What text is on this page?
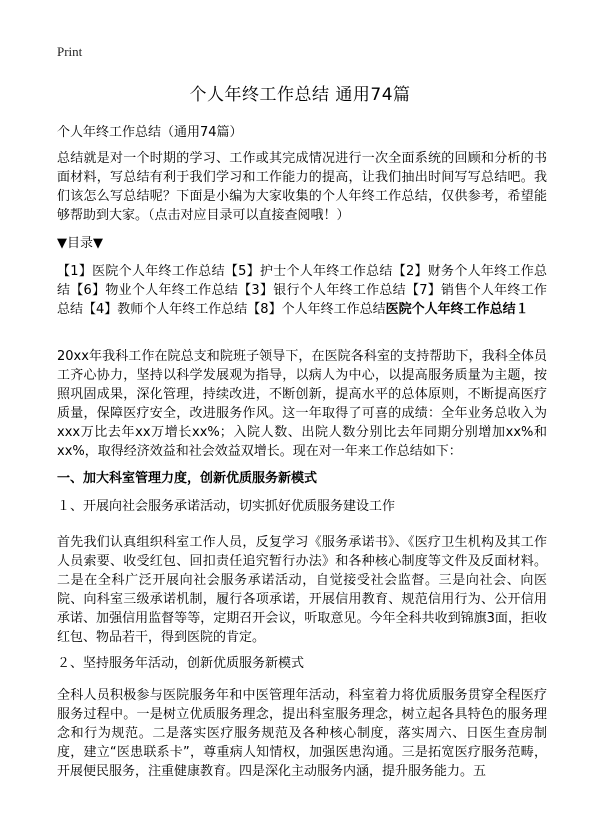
Print
个人年终工作总结 通用74篇
个人年终工作总结（通用74篇）
总结就是对一个时期的学习、工作或其完成情况进行一次全面系统的回顾和分析的书面材料，写总结有利于我们学习和工作能力的提高，让我们抽出时间写写总结吧。我们该怎么写总结呢？下面是小编为大家收集的个人年终工作总结，仅供参考，希望能够帮助到大家。（点击对应目录可以直接查阅哦！）
▼目录▼
【1】医院个人年终工作总结【5】护士个人年终工作总结【2】财务个人年终工作总结【6】物业个人年终工作总结【3】银行个人年终工作总结【7】销售个人年终工作总结【4】教师个人年终工作总结【8】个人年终工作总结医院个人年终工作总结１
20xx年我科工作在院总支和院班子领导下，在医院各科室的支持帮助下，我科全体员工齐心协力，坚持以科学发展观为指导，以病人为中心，以提高服务质量为主题，按照巩固成果，深化管理，持续改进，不断创新，提高水平的总体原则，不断提高医疗质量，保障医疗安全，改进服务作风。这一年取得了可喜的成绩：全年业务总收入为xxx万比去年xx万增长xx%；入院人数、出院人数分别比去年同期分别增加xx%和xx%，取得经济效益和社会效益双增长。现在对一年来工作总结如下：
一、加大科室管理力度，创新优质服务新模式
１、开展向社会服务承诺活动，切实抓好优质服务建设工作
首先我们认真组织科室工作人员，反复学习《服务承诺书》、《医疗卫生机构及其工作人员索要、收受红包、回扣责任追究暂行办法》和各种核心制度等文件及反面材料。二是在全科广泛开展向社会服务承诺活动，自觉接受社会监督。三是向社会、向医院、向科室三级承诺机制，履行各项承诺，开展信用教育、规范信用行为、公开信用承诺、加强信用监督等等，定期召开会议，听取意见。今年全科共收到锦旗3面，拒收红包、物品若干，得到医院的肯定。
２、坚持服务年活动，创新优质服务新模式
全科人员积极参与医院服务年和中医管理年活动，科室着力将优质服务贯穿全程医疗服务过程中。一是树立优质服务理念，提出科室服务理念，树立起各具特色的服务理念和行为规范。二是落实医疗服务规范及各种核心制度，落实周六、日医生查房制度，建立“医患联系卡”，尊重病人知情权，加强医患沟通。三是拓宽医疗服务范畴，开展便民服务，注重健康教育。四是深化主动服务内涵，提升服务能力。五
